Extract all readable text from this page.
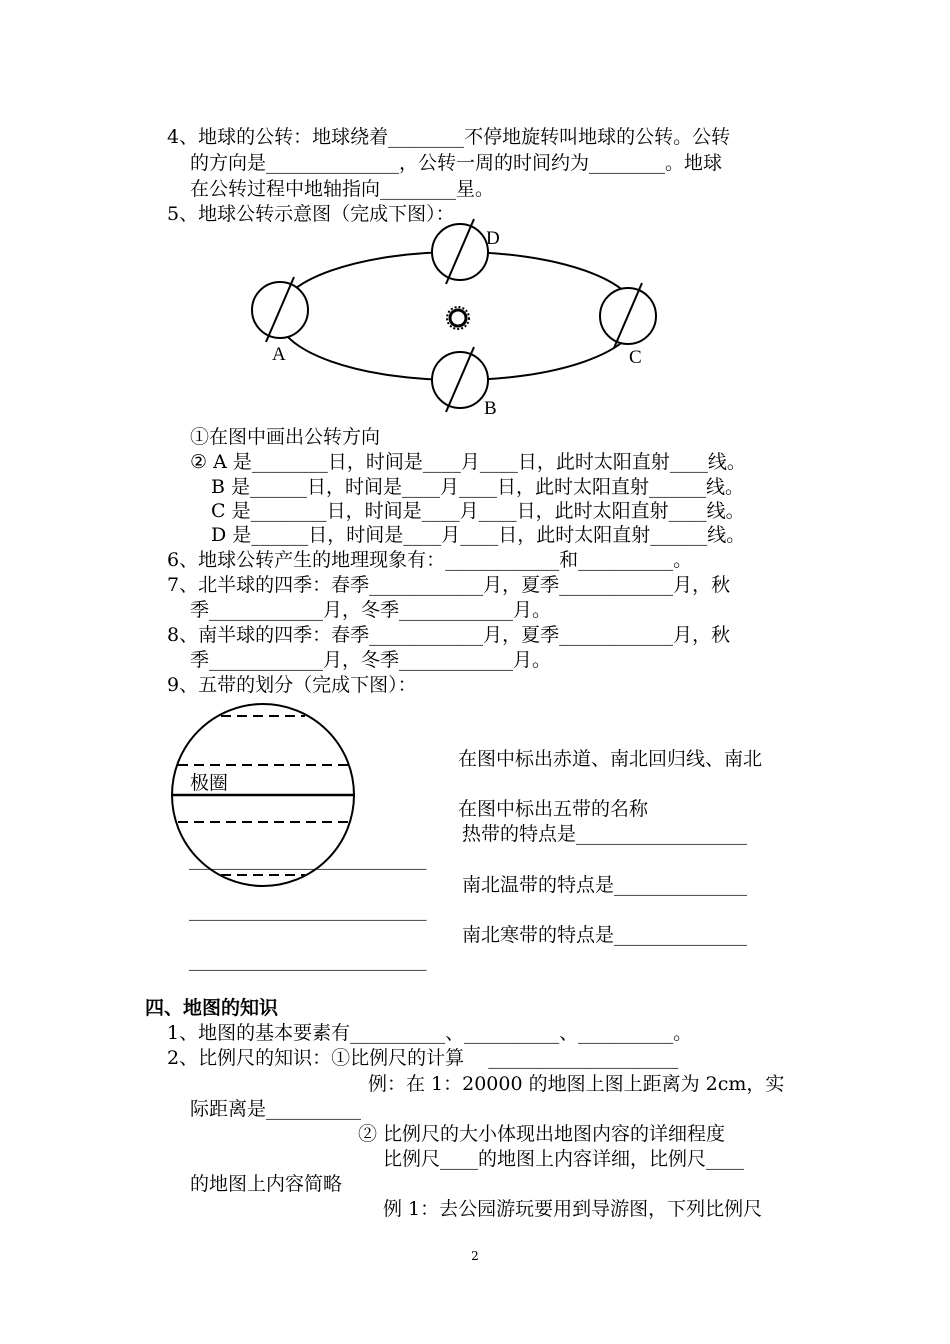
4、地球的公转：地球绕着________不停地旋转叫地球的公转。公转
的方向是______________，公转一周的时间约为________。地球
在公转过程中地轴指向________星。
5、地球公转示意图（完成下图）：
D
B
A	C
①在图中画出公转方向
② A 是________日，时间是____月____日，此时太阳直射____线。
B 是______日，时间是____月____日，此时太阳直射______线。
C 是________日，时间是____月____日，此时太阳直射____线。
D 是______日，时间是____月____日，此时太阳直射______线。
6、地球公转产生的地理现象有：____________和__________。
7、北半球的四季：春季____________月，夏季____________月，秋
季____________月，冬季____________月。
8、南半球的四季：春季____________月，夏季____________月，秋
季____________月，冬季____________月。
9、五带的划分（完成下图）：
极圈
在图中标出赤道、南北回归线、南北
在图中标出五带的名称
热带的特点是__________________
_________________________
南北温带的特点是______________
_________________________
南北寒带的特点是______________
_________________________
四、地图的知识
1、地图的基本要素有__________、__________、__________。
2、比例尺的知识：①比例尺的计算    ____________________
例：在 1：20000 的地图上图上距离为 2cm，实
际距离是__________
② 比例尺的大小体现出地图内容的详细程度
比例尺____的地图上内容详细，比例尺____
的地图上内容简略
例 1：去公园游玩要用到导游图，下列比例尺
2
